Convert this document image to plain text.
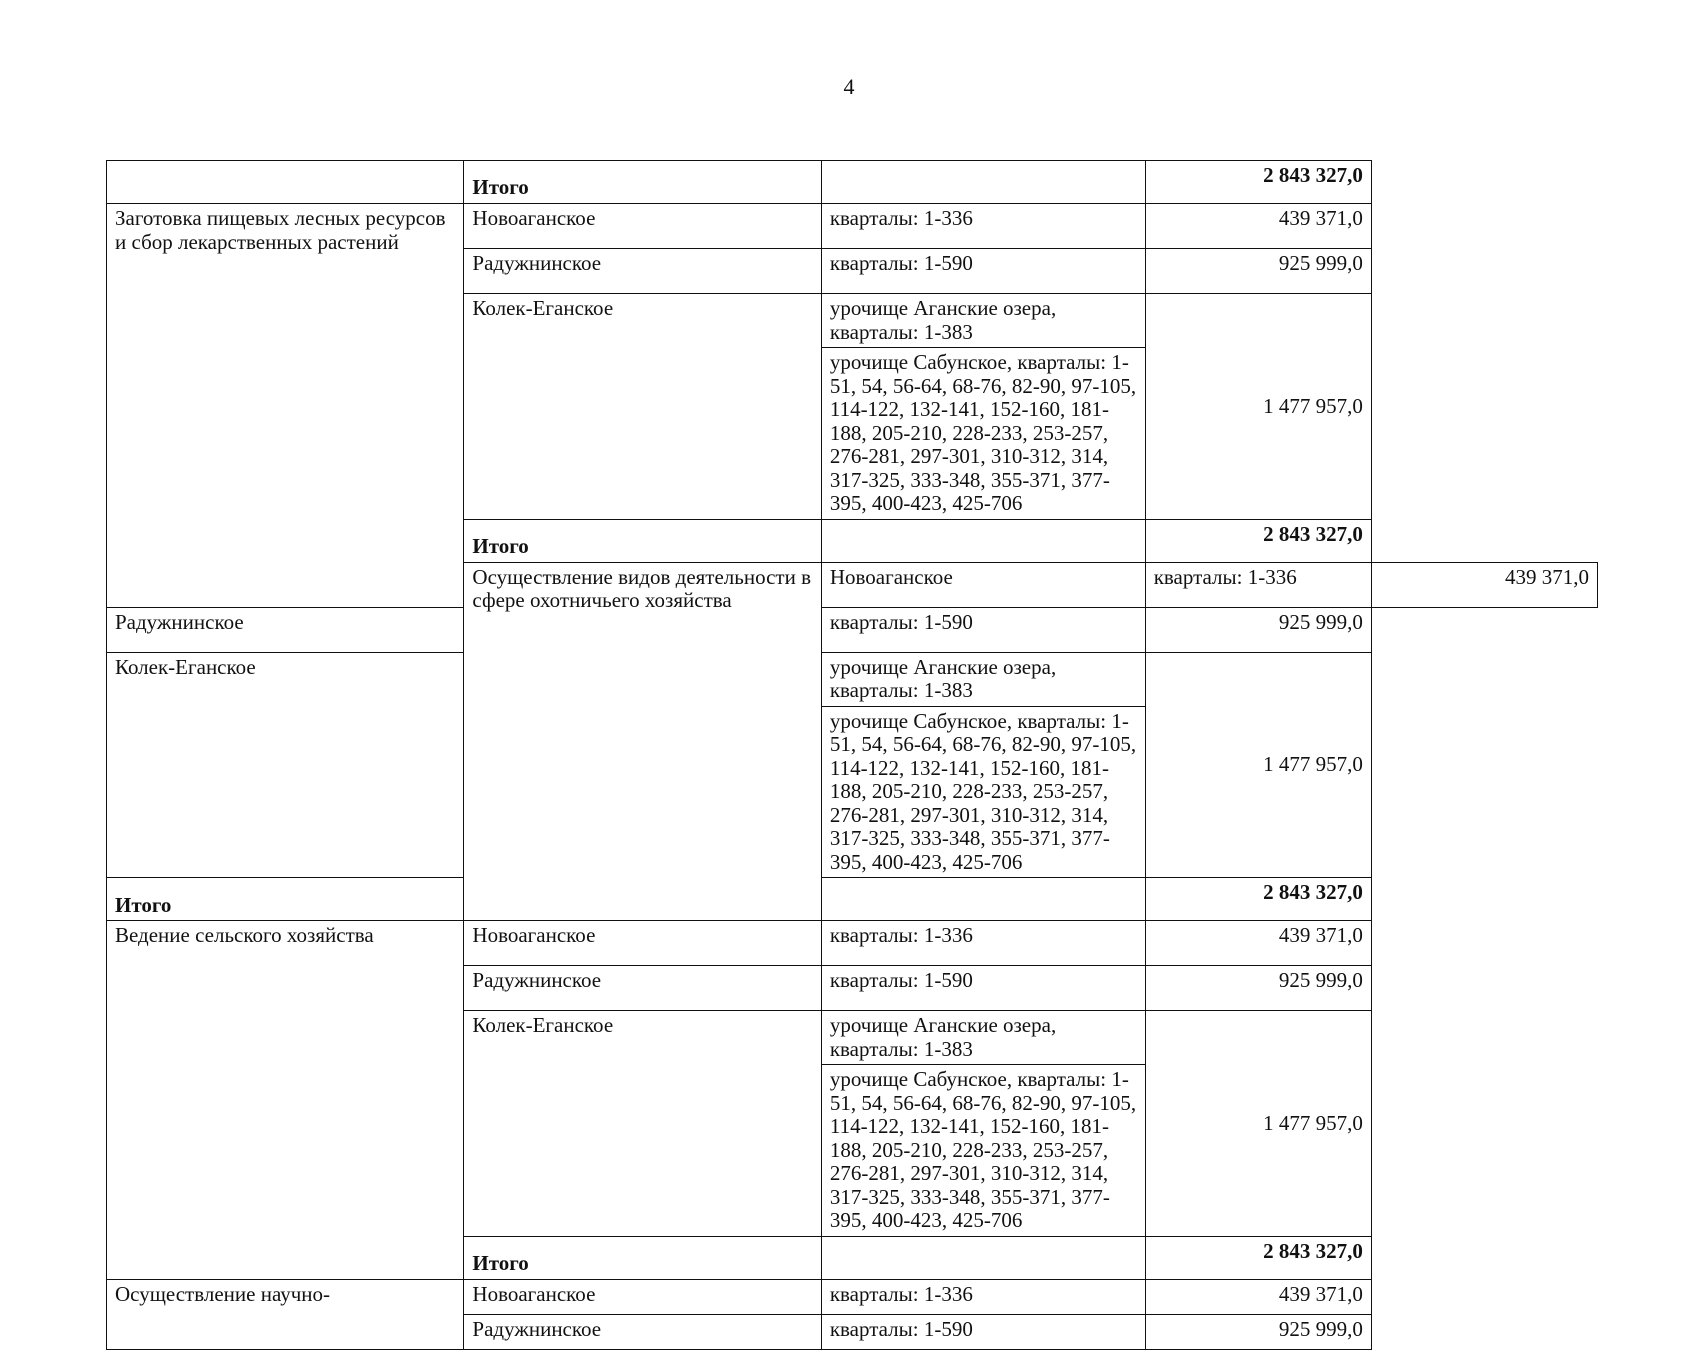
4
	Итого		2 843 327,0	
Заготовка пищевых лесных ресурсов и сбор лекарственных растений	Новоаганское	кварталы: 1-336	439 371,0	
	Радужнинское	кварталы: 1-590	925 999,0	
	Колек-Еганское	урочище Аганские озера, кварталы: 1-383	1 477 957,0	
		урочище Сабунское, кварталы: 1-51, 54, 56-64, 68-76, 82-90, 97-105, 114-122, 132-141, 152-160, 181-188, 205-210, 228-233, 253-257, 276-281, 297-301, 310-312, 314, 317-325, 333-348, 355-371, 377-395, 400-423, 425-706		
	Итого		2 843 327,0	
	Осуществление видов деятельности в сфере охотничьего хозяйства	Новоаганское	кварталы: 1-336	439 371,0
Радужнинское		кварталы: 1-590	925 999,0	
Колек-Еганское		урочище Аганские озера, кварталы: 1-383	1 477 957,0	
		урочище Сабунское, кварталы: 1-51, 54, 56-64, 68-76, 82-90, 97-105, 114-122, 132-141, 152-160, 181-188, 205-210, 228-233, 253-257, 276-281, 297-301, 310-312, 314, 317-325, 333-348, 355-371, 377-395, 400-423, 425-706		
Итого			2 843 327,0	
Ведение сельского хозяйства	Новоаганское	кварталы: 1-336	439 371,0	
	Радужнинское	кварталы: 1-590	925 999,0	
	Колек-Еганское	урочище Аганские озера, кварталы: 1-383	1 477 957,0	
		урочище Сабунское, кварталы: 1-51, 54, 56-64, 68-76, 82-90, 97-105, 114-122, 132-141, 152-160, 181-188, 205-210, 228-233, 253-257, 276-281, 297-301, 310-312, 314, 317-325, 333-348, 355-371, 377-395, 400-423, 425-706		
	Итого		2 843 327,0	
Осуществление научно-	Новоаганское	кварталы: 1-336	439 371,0	
	Радужнинское	кварталы: 1-590	925 999,0	
